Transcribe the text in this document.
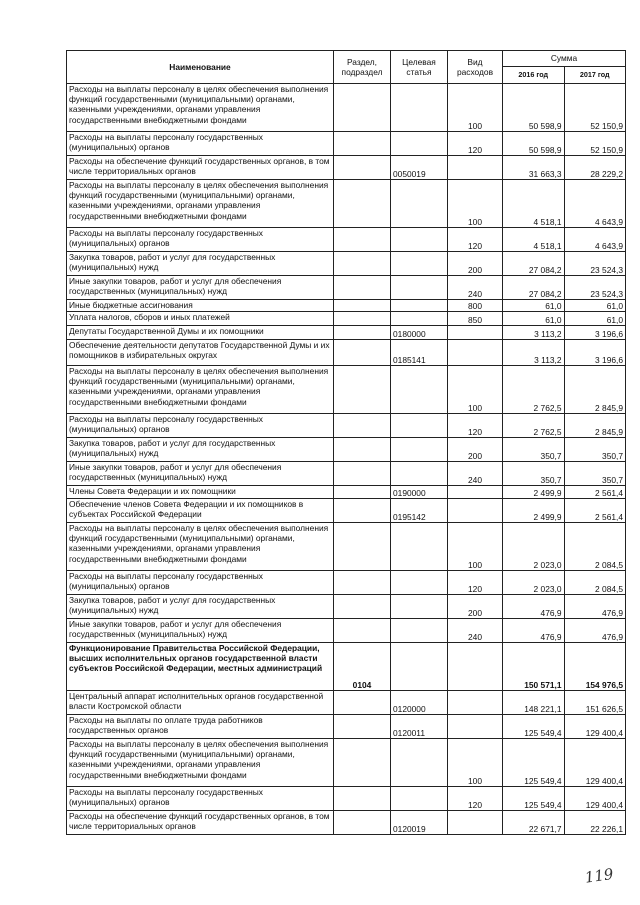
Наименование	Раздел, подраздел	Целевая статья	Вид расходов	Сумма	
				2016 год	2017 год
Расходы на выплаты персоналу в целях обеспечения выполнения функций государственными (муниципальными) органами, казенными учреждениями, органами управления государственными внебюджетными фондами			100	50 598,9	52 150,9
Расходы на выплаты персоналу государственных (муниципальных) органов			120	50 598,9	52 150,9
Расходы на обеспечение функций государственных органов, в том числе территориальных органов		0050019		31 663,3	28 229,2
Расходы на выплаты персоналу в целях обеспечения выполнения функций государственными (муниципальными) органами, казенными учреждениями, органами управления государственными внебюджетными фондами			100	4 518,1	4 643,9
Расходы на выплаты персоналу государственных (муниципальных) органов			120	4 518,1	4 643,9
Закупка товаров, работ и услуг для государственных (муниципальных) нужд			200	27 084,2	23 524,3
Иные закупки товаров, работ и услуг для обеспечения государственных (муниципальных) нужд			240	27 084,2	23 524,3
Иные бюджетные ассигнования			800	61,0	61,0
Уплата налогов, сборов и иных платежей			850	61,0	61,0
Депутаты Государственной Думы и их помощники		0180000		3 113,2	3 196,6
Обеспечение деятельности депутатов Государственной Думы и их помощников в избирательных округах		0185141		3 113,2	3 196,6
Расходы на выплаты персоналу в целях обеспечения выполнения функций государственными (муниципальными) органами, казенными учреждениями, органами управления государственными внебюджетными фондами			100	2 762,5	2 845,9
Расходы на выплаты персоналу государственных (муниципальных) органов			120	2 762,5	2 845,9
Закупка товаров, работ и услуг для государственных (муниципальных) нужд			200	350,7	350,7
Иные закупки товаров, работ и услуг для обеспечения государственных (муниципальных) нужд			240	350,7	350,7
Члены Совета Федерации и их помощники		0190000		2 499,9	2 561,4
Обеспечение членов Совета Федерации и их помощников в субъектах Российской Федерации		0195142		2 499,9	2 561,4
Расходы на выплаты персоналу в целях обеспечения выполнения функций государственными (муниципальными) органами, казенными учреждениями, органами управления государственными внебюджетными фондами			100	2 023,0	2 084,5
Расходы на выплаты персоналу государственных (муниципальных) органов			120	2 023,0	2 084,5
Закупка товаров, работ и услуг для государственных (муниципальных) нужд			200	476,9	476,9
Иные закупки товаров, работ и услуг для обеспечения государственных (муниципальных) нужд			240	476,9	476,9
Функционирование Правительства Российской Федерации, высших исполнительных органов государственной власти субъектов Российской Федерации, местных администраций	0104			150 571,1	154 976,5
Центральный аппарат исполнительных органов государственной власти Костромской области		0120000		148 221,1	151 626,5
Расходы на выплаты по оплате труда работников государственных органов		0120011		125 549,4	129 400,4
Расходы на выплаты персоналу в целях обеспечения выполнения функций государственными (муниципальными) органами, казенными учреждениями, органами управления государственными внебюджетными фондами			100	125 549,4	129 400,4
Расходы на выплаты персоналу государственных (муниципальных) органов			120	125 549,4	129 400,4
Расходы на обеспечение функций государственных органов, в том числе территориальных органов		0120019		22 671,7	22 226,1
119
